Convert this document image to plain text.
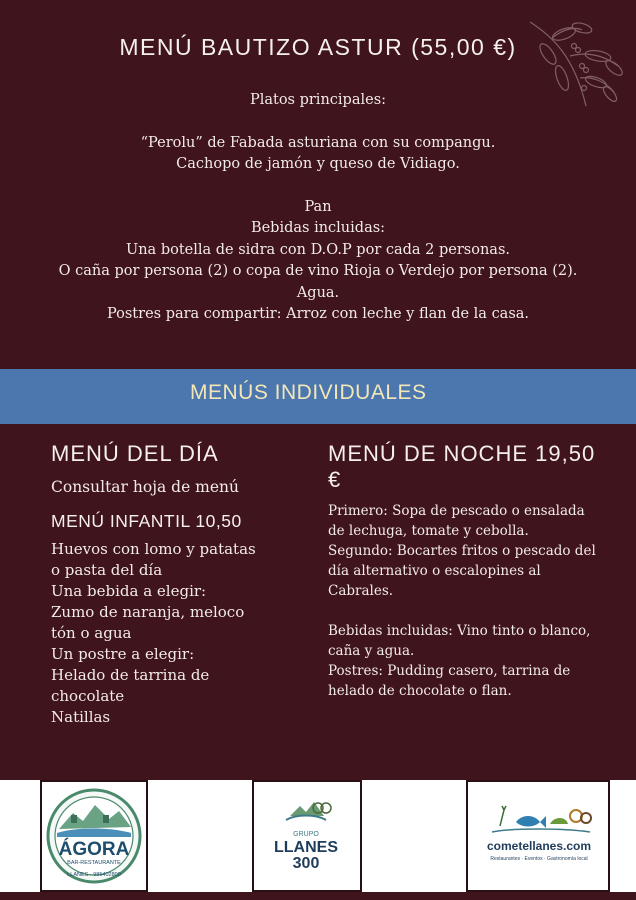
MENÚ BAUTIZO ASTUR (55,00 €)
Platos principales:
“Perolu” de Fabada asturiana con su compangu.
Cachopo de jamón y queso de Vidiago.
Pan
Bebidas incluidas:
Una botella de sidra con D.O.P por cada 2 personas.
O caña por persona (2) o copa de vino Rioja o Verdejo por persona (2).
Agua.
Postres para compartir: Arroz con leche y flan de la casa.
MENÚS INDIVIDUALES
MENÚ DEL DÍA
Consultar hoja de menú
MENÚ INFANTIL 10,50
Huevos con lomo y patatas
o pasta del día
Una bebida a elegir:
Zumo de naranja, meloco
tón o agua
Un postre a elegir:
Helado de tarrina de
chocolate
Natillas
MENÚ DE NOCHE 19,50 €
Primero: Sopa de pescado o ensalada
de lechuga, tomate y cebolla.
Segundo: Bocartes fritos o pescado del
día alternativo o escalopines al
Cabrales.
Bebidas incluidas: Vino tinto o blanco,
caña y agua.
Postres: Pudding casero, tarrina de
helado de chocolate o flan.
ÁGORA
BAR-RESTAURANTE
LLANES · 985402800
GRUPO
LLANES
300
cometellanes.com
Restaurantes · Eventos · Gastronomía local
